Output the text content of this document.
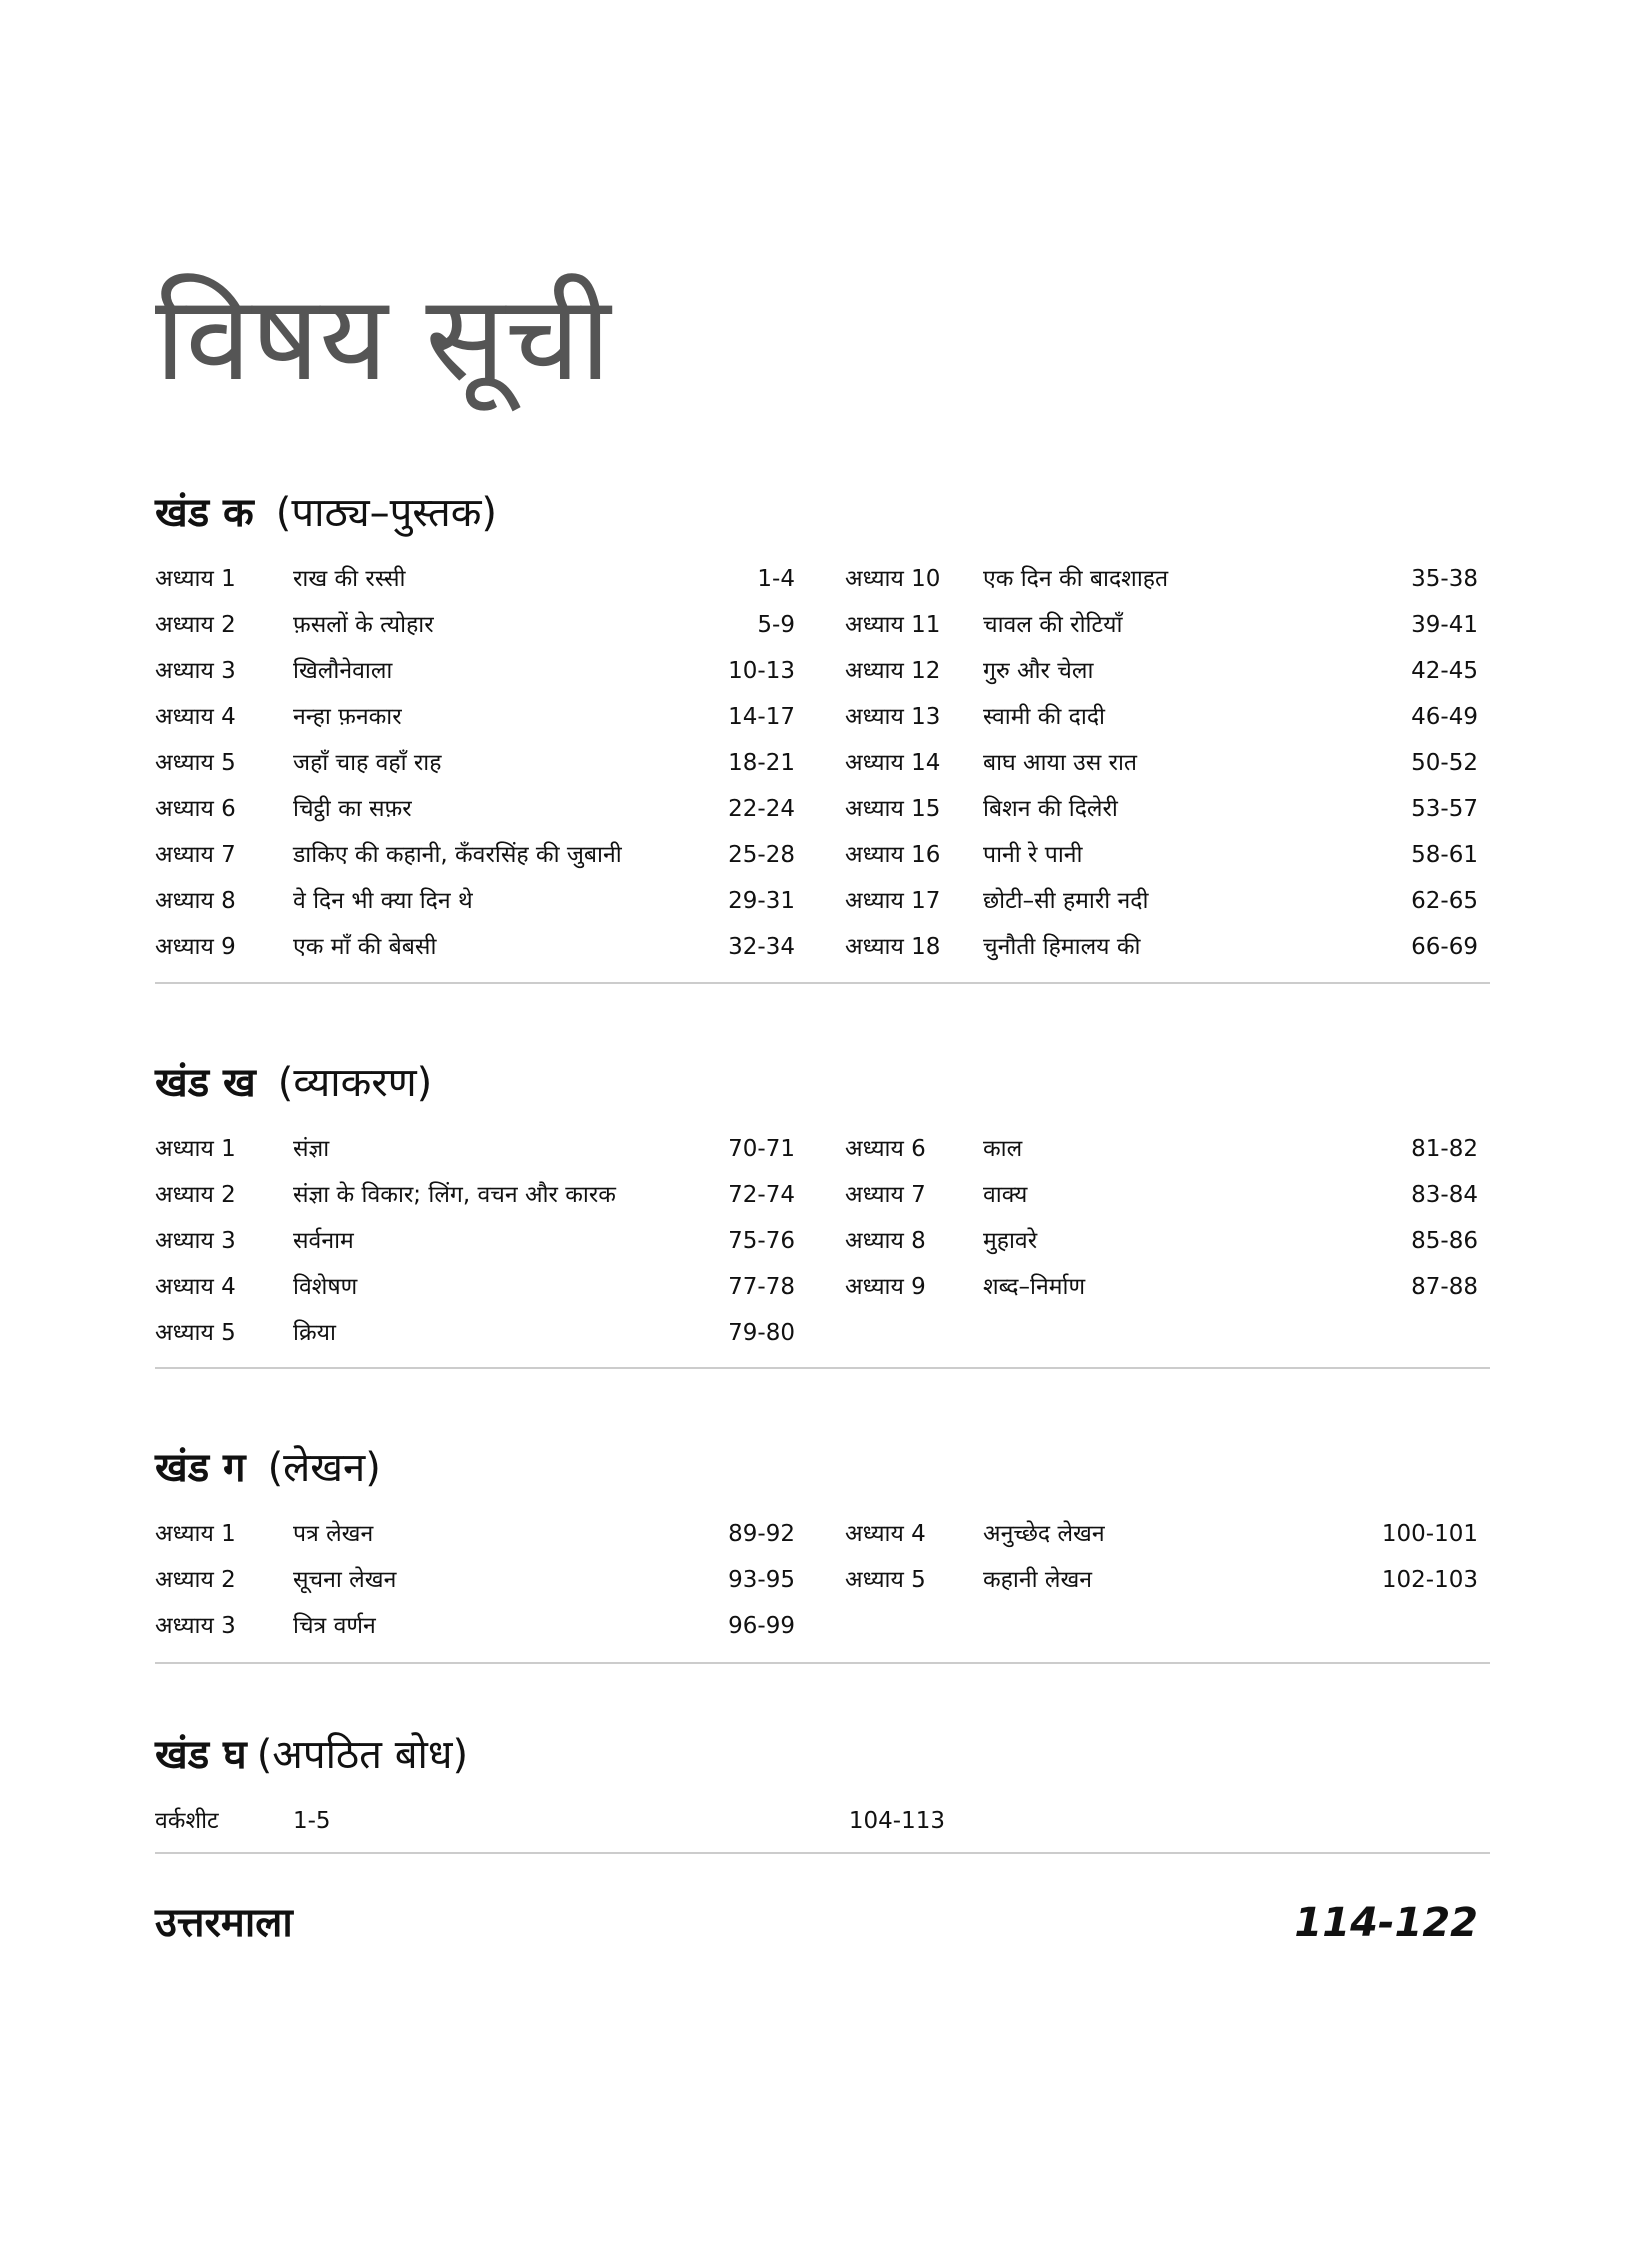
विषय सूची
खंड क (पाठ्य–पुस्तक)
अध्याय 1 राख की रस्सी	1-4
अध्याय 2 फ़सलों के त्योहार	5-9
अध्याय 3 खिलौनेवाला	10-13
अध्याय 4 नन्हा फ़नकार	14-17
अध्याय 5 जहाँ चाह वहाँ राह	18-21
अध्याय 6 चिट्ठी का सफ़र	22-24
अध्याय 7 डाकिए की कहानी, कँवरसिंह की जुबानी	25-28
अध्याय 8 वे दिन भी क्या दिन थे	29-31
अध्याय 9 एक माँ की बेबसी	32-34
अध्याय 10 एक दिन की बादशाहत	35-38
अध्याय 11 चावल की रोटियाँ	39-41
अध्याय 12 गुरु और चेला	42-45
अध्याय 13 स्वामी की दादी	46-49
अध्याय 14 बाघ आया उस रात	50-52
अध्याय 15 बिशन की दिलेरी	53-57
अध्याय 16 पानी रे पानी	58-61
अध्याय 17 छोटी–सी हमारी नदी	62-65
अध्याय 18 चुनौती हिमालय की	66-69
खंड ख (व्याकरण)
अध्याय 1 संज्ञा	70-71
अध्याय 2 संज्ञा के विकार; लिंग, वचन और कारक	72-74
अध्याय 3 सर्वनाम	75-76
अध्याय 4 विशेषण	77-78
अध्याय 5 क्रिया	79-80
अध्याय 6 काल	81-82
अध्याय 7 वाक्य	83-84
अध्याय 8 मुहावरे	85-86
अध्याय 9 शब्द–निर्माण	87-88
खंड ग (लेखन)
अध्याय 1 पत्र लेखन	89-92
अध्याय 2 सूचना लेखन	93-95
अध्याय 3 चित्र वर्णन	96-99
अध्याय 4 अनुच्छेद लेखन	100-101
अध्याय 5 कहानी लेखन	102-103
खंड घ (अपठित बोध)
वर्कशीट	1-5	104-113
उत्तरमाला	114-122
